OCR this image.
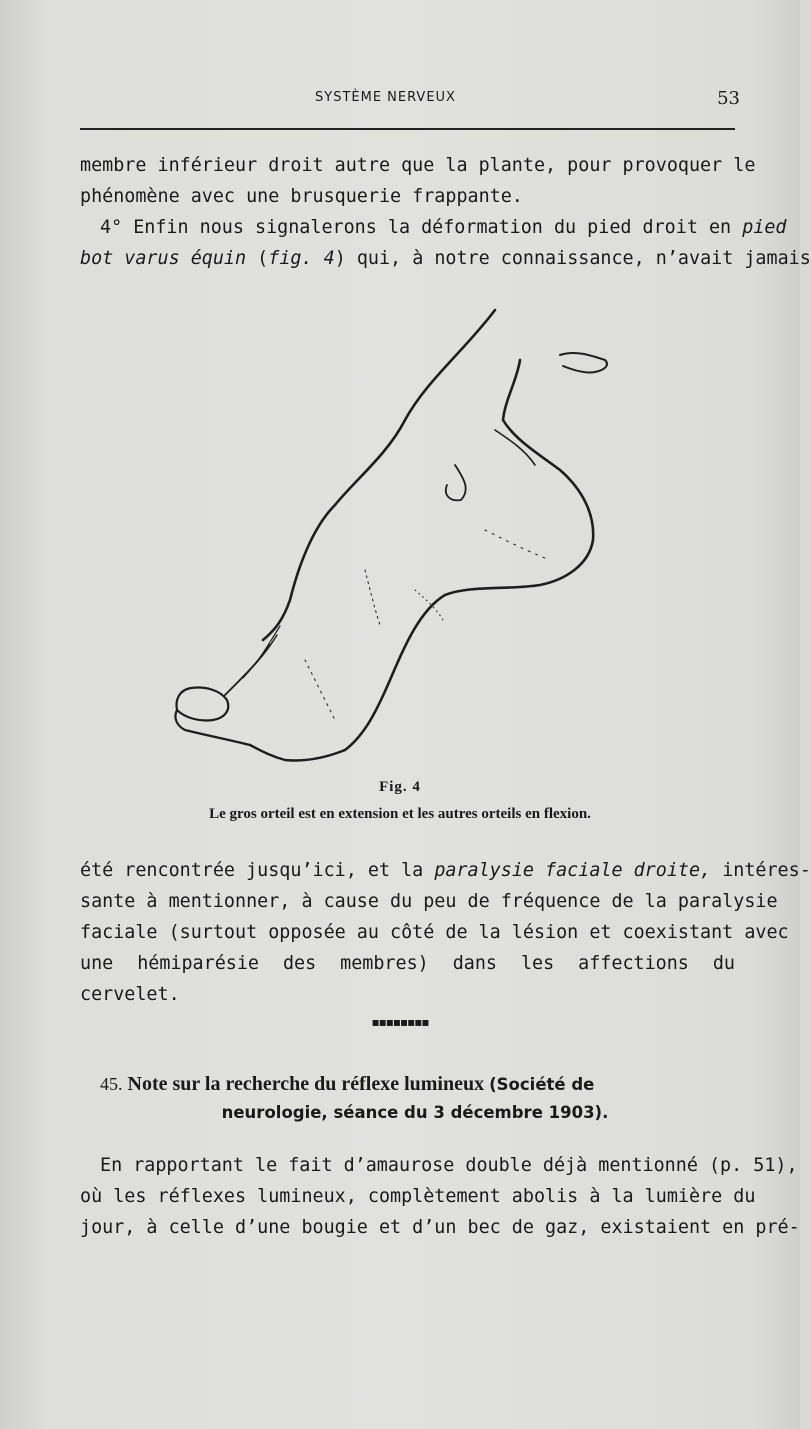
SYSTÈME NERVEUX	53
membre inférieur droit autre que la plante, pour provoquer le
phénomène avec une brusquerie frappante.
4° Enfin nous signalerons la déformation du pied droit en pied
bot varus équin (fig. 4) qui, à notre connaissance, n’avait jamais
Fig. 4
Le gros orteil est en extension et les autres orteils en flexion.
été rencontrée jusqu’ici, et la paralysie faciale droite, intéres-
sante à mentionner, à cause du peu de fréquence de la paralysie
faciale (surtout opposée au côté de la lésion et coexistant avec
une hémiparésie des membres) dans les affections du cervelet.
▪▪▪▪▪▪▪▪
45. Note sur la recherche du réflexe lumineux (Société de
neurologie, séance du 3 décembre 1903).
En rapportant le fait d’amaurose double déjà mentionné (p. 51),
où les réflexes lumineux, complètement abolis à la lumière du
jour, à celle d’une bougie et d’un bec de gaz, existaient en pré-
